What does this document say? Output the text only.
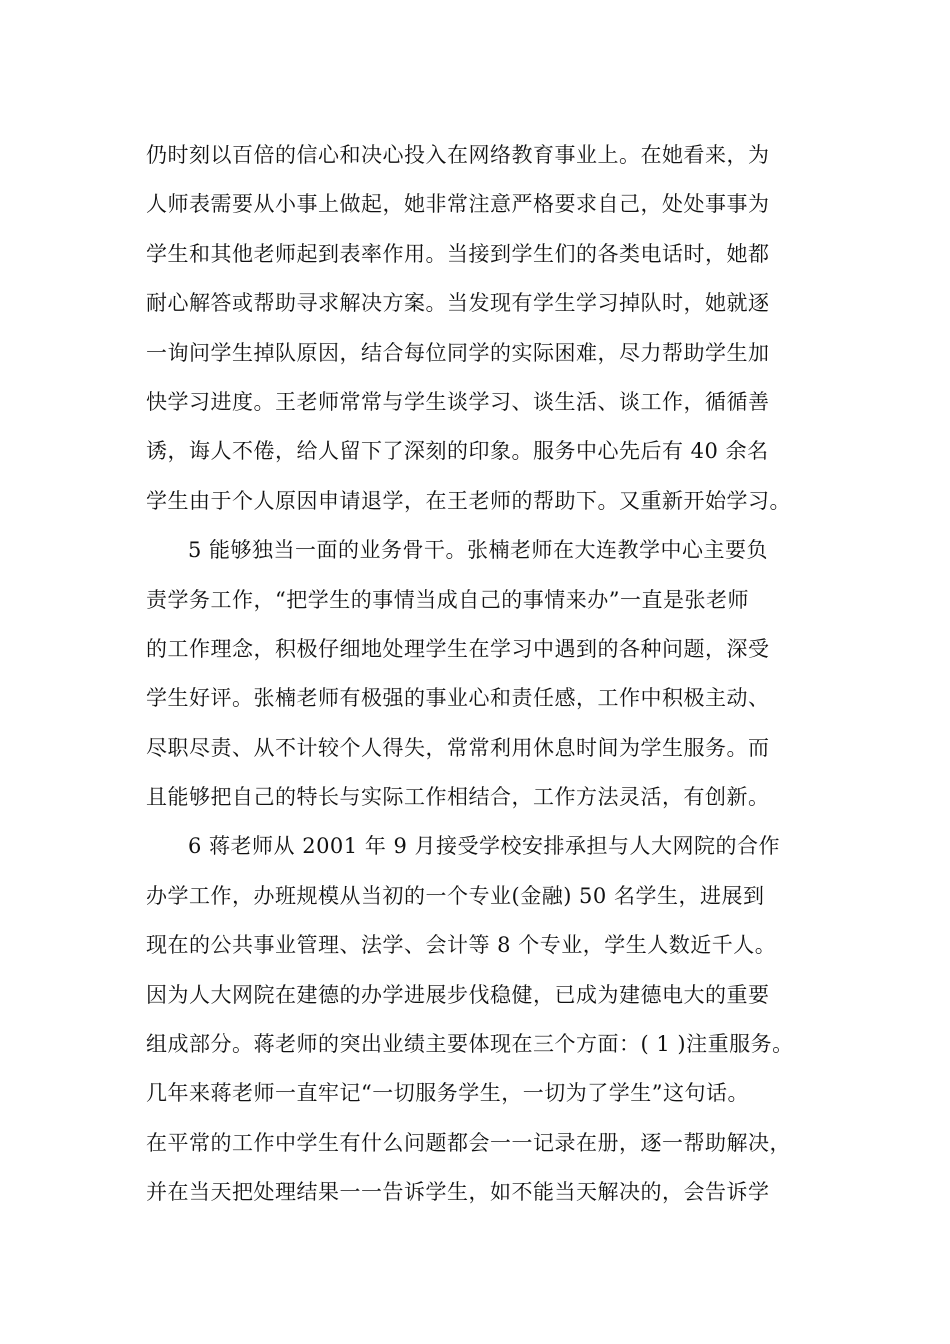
仍时刻以百倍的信心和决心投入在网络教育事业上。在她看来，为
人师表需要从小事上做起，她非常注意严格要求自己，处处事事为
学生和其他老师起到表率作用。当接到学生们的各类电话时，她都
耐心解答或帮助寻求解决方案。当发现有学生学习掉队时，她就逐
一询问学生掉队原因，结合每位同学的实际困难，尽力帮助学生加
快学习进度。王老师常常与学生谈学习、谈生活、谈工作，循循善
诱，诲人不倦，给人留下了深刻的印象。服务中心先后有 40 余名
学生由于个人原因申请退学，在王老师的帮助下。又重新开始学习。
5 能够独当一面的业务骨干。张楠老师在大连教学中心主要负
责学务工作，“把学生的事情当成自己的事情来办”一直是张老师
的工作理念，积极仔细地处理学生在学习中遇到的各种问题，深受
学生好评。张楠老师有极强的事业心和责任感，工作中积极主动、
尽职尽责、从不计较个人得失，常常利用休息时间为学生服务。而
且能够把自己的特长与实际工作相结合，工作方法灵活，有创新。
6 蒋老师从 2001 年 9 月接受学校安排承担与人大网院的合作
办学工作，办班规模从当初的一个专业(金融) 50 名学生，进展到
现在的公共事业管理、法学、会计等 8 个专业，学生人数近千人。
因为人大网院在建德的办学进展步伐稳健，已成为建德电大的重要
组成部分。蒋老师的突出业绩主要体现在三个方面：( 1 )注重服务。
几年来蒋老师一直牢记“一切服务学生，一切为了学生”这句话。
在平常的工作中学生有什么问题都会一一记录在册，逐一帮助解决，
并在当天把处理结果一一告诉学生，如不能当天解决的，会告诉学
